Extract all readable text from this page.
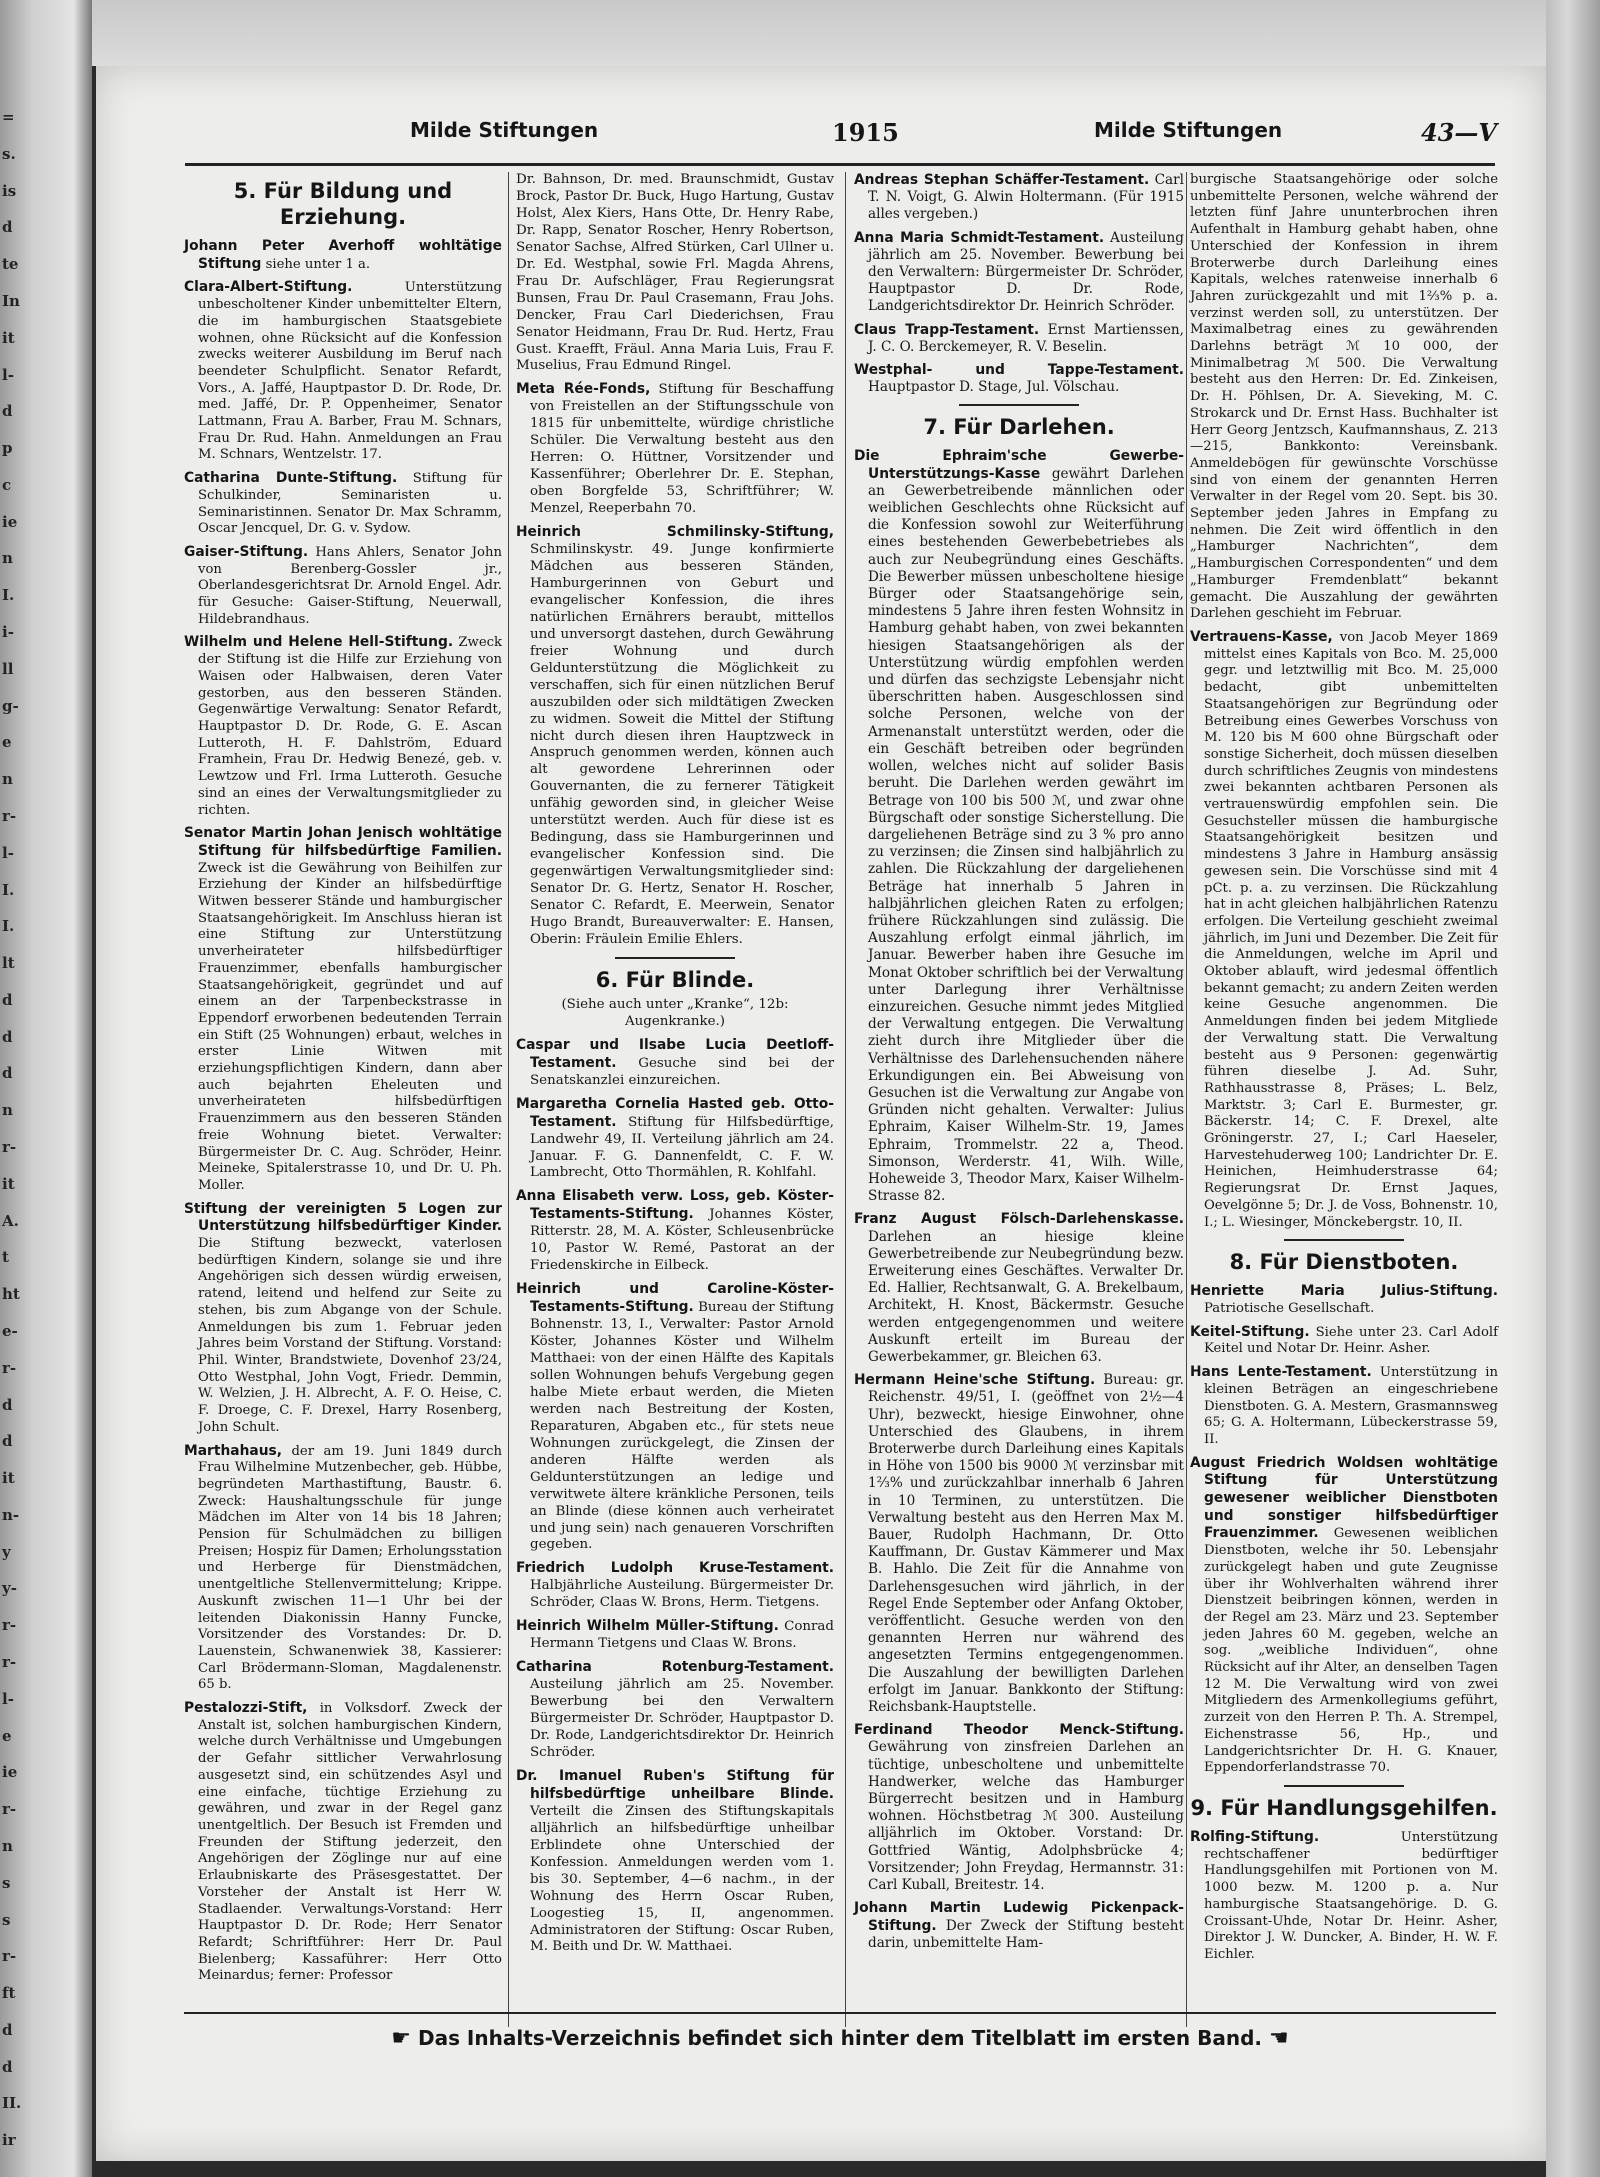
=
s.
is
d
te
In
it
l-
d
p
c
ie
n
I.
i-
ll
g-
e
n
r-
l-
I.
I.
lt
d
d
d
n
r-
it
A.
t
ht
e-
r-
d
d
it
n-
y
y-
r-
r-
l-
e
ie
r-
n
s
s
r-
ft
d
d
II.
ir
Milde Stiftungen	1915	Milde Stiftungen	43—V
5. Für Bildung und Erziehung.

Johann Peter Averhoff wohltätige Stiftung siehe unter 1 a.

Clara-Albert-Stiftung. Unterstützung unbescholtener Kinder unbemittelter Eltern, die im hamburgischen Staatsgebiete wohnen, ohne Rücksicht auf die Konfession zwecks weiterer Ausbildung im Beruf nach beendeter Schulpflicht. Senator Refardt, Vors., A. Jaffé, Hauptpastor D. Dr. Rode, Dr. med. Jaffé, Dr. P. Oppenheimer, Senator Lattmann, Frau A. Barber, Frau M. Schnars, Frau Dr. Rud. Hahn. Anmeldungen an Frau M. Schnars, Wentzelstr. 17.

Catharina Dunte-Stiftung. Stiftung für Schulkinder, Seminaristen u. Seminaristinnen. Senator Dr. Max Schramm, Oscar Jencquel, Dr. G. v. Sydow.

Gaiser-Stiftung. Hans Ahlers, Senator John von Berenberg-Gossler jr., Oberlandesgerichtsrat Dr. Arnold Engel. Adr. für Gesuche: Gaiser-Stiftung, Neuerwall, Hildebrandhaus.

Wilhelm und Helene Hell-Stiftung. Zweck der Stiftung ist die Hilfe zur Erziehung von Waisen oder Halbwaisen, deren Vater gestorben, aus den besseren Ständen. Gegenwärtige Verwaltung: Senator Refardt, Hauptpastor D. Dr. Rode, G. E. Ascan Lutteroth, H. F. Dahlström, Eduard Framhein, Frau Dr. Hedwig Benezé, geb. v. Lewtzow und Frl. Irma Lutteroth. Gesuche sind an eines der Verwaltungsmitglieder zu richten.

Senator Martin Johan Jenisch wohltätige Stiftung für hilfsbedürftige Familien. Zweck ist die Gewährung von Beihilfen zur Erziehung der Kinder an hilfsbedürftige Witwen besserer Stände und hamburgischer Staatsangehörigkeit. Im Anschluss hieran ist eine Stiftung zur Unterstützung unverheirateter hilfsbedürftiger Frauenzimmer, ebenfalls hamburgischer Staatsangehörigkeit, gegründet und auf einem an der Tarpenbeckstrasse in Eppendorf erworbenen bedeutenden Terrain ein Stift (25 Wohnungen) erbaut, welches in erster Linie Witwen mit erziehungspflichtigen Kindern, dann aber auch bejahrten Eheleuten und unverheirateten hilfsbedürftigen Frauenzimmern aus den besseren Ständen freie Wohnung bietet. Verwalter: Bürgermeister Dr. C. Aug. Schröder, Heinr. Meineke, Spitalerstrasse 10, und Dr. U. Ph. Moller.

Stiftung der vereinigten 5 Logen zur Unterstützung hilfsbedürftiger Kinder. Die Stiftung bezweckt, vaterlosen bedürftigen Kindern, solange sie und ihre Angehörigen sich dessen würdig erweisen, ratend, leitend und helfend zur Seite zu stehen, bis zum Abgange von der Schule. Anmeldungen bis zum 1. Februar jeden Jahres beim Vorstand der Stiftung. Vorstand: Phil. Winter, Brandstwiete, Dovenhof 23/24, Otto Westphal, John Vogt, Friedr. Demmin, W. Welzien, J. H. Albrecht, A. F. O. Heise, C. F. Droege, C. F. Drexel, Harry Rosenberg, John Schult.

Marthahaus, der am 19. Juni 1849 durch Frau Wilhelmine Mutzenbecher, geb. Hübbe, begründeten Marthastiftung, Baustr. 6. Zweck: Haushaltungsschule für junge Mädchen im Alter von 14 bis 18 Jahren; Pension für Schulmädchen zu billigen Preisen; Hospiz für Damen; Erholungsstation und Herberge für Dienstmädchen, unentgeltliche Stellenvermittelung; Krippe. Auskunft zwischen 11—1 Uhr bei der leitenden Diakonissin Hanny Funcke, Vorsitzender des Vorstandes: Dr. D. Lauenstein, Schwanenwiek 38, Kassierer: Carl Brödermann-Sloman, Magdalenenstr. 65 b.

Pestalozzi-Stift, in Volksdorf. Zweck der Anstalt ist, solchen hamburgischen Kindern, welche durch Verhältnisse und Umgebungen der Gefahr sittlicher Verwahrlosung ausgesetzt sind, ein schützendes Asyl und eine einfache, tüchtige Erziehung zu gewähren, und zwar in der Regel ganz unentgeltlich. Der Besuch ist Fremden und Freunden der Stiftung jederzeit, den Angehörigen der Zöglinge nur auf eine Erlaubniskarte des Präsesgestattet. Der Vorsteher der Anstalt ist Herr W. Stadlaender. Verwaltungs-Vorstand: Herr Hauptpastor D. Dr. Rode; Herr Senator Refardt; Schriftführer: Herr Dr. Paul Bielenberg; Kassaführer: Herr Otto Meinardus; ferner: Professor

Dr. Bahnson, Dr. med. Braunschmidt, Gustav Brock, Pastor Dr. Buck, Hugo Hartung, Gustav Holst, Alex Kiers, Hans Otte, Dr. Henry Rabe, Dr. Rapp, Senator Roscher, Henry Robertson, Senator Sachse, Alfred Stürken, Carl Ullner u. Dr. Ed. Westphal, sowie Frl. Magda Ahrens, Frau Dr. Aufschläger, Frau Regierungsrat Bunsen, Frau Dr. Paul Crasemann, Frau Johs. Dencker, Frau Carl Diederichsen, Frau Senator Heidmann, Frau Dr. Rud. Hertz, Frau Gust. Kraefft, Fräul. Anna Maria Luis, Frau F. Muselius, Frau Edmund Ringel.

Meta Rée-Fonds, Stiftung für Beschaffung von Freistellen an der Stiftungsschule von 1815 für unbemittelte, würdige christliche Schüler. Die Verwaltung besteht aus den Herren: O. Hüttner, Vorsitzender und Kassenführer; Oberlehrer Dr. E. Stephan, oben Borgfelde 53, Schriftführer; W. Menzel, Reeperbahn 70.

Heinrich Schmilinsky-Stiftung, Schmilinskystr. 49. Junge konfirmierte Mädchen aus besseren Ständen, Hamburgerinnen von Geburt und evangelischer Konfession, die ihres natürlichen Ernährers beraubt, mittellos und unversorgt dastehen, durch Gewährung freier Wohnung und durch Geldunterstützung die Möglichkeit zu verschaffen, sich für einen nützlichen Beruf auszubilden oder sich mildtätigen Zwecken zu widmen. Soweit die Mittel der Stiftung nicht durch diesen ihren Hauptzweck in Anspruch genommen werden, können auch alt gewordene Lehrerinnen oder Gouvernanten, die zu fernerer Tätigkeit unfähig geworden sind, in gleicher Weise unterstützt werden. Auch für diese ist es Bedingung, dass sie Hamburgerinnen und evangelischer Konfession sind. Die gegenwärtigen Verwaltungsmitglieder sind: Senator Dr. G. Hertz, Senator H. Roscher, Senator C. Refardt, E. Meerwein, Senator Hugo Brandt, Bureauverwalter: E. Hansen, Oberin: Fräulein Emilie Ehlers.

6. Für Blinde.

(Siehe auch unter „Kranke“, 12b: Augenkranke.)

Caspar und Ilsabe Lucia Deetloff-Testament. Gesuche sind bei der Senatskanzlei einzureichen.

Margaretha Cornelia Hasted geb. Otto-Testament. Stiftung für Hilfsbedürftige, Landwehr 49, II. Verteilung jährlich am 24. Januar. F. G. Dannenfeldt, C. F. W. Lambrecht, Otto Thormählen, R. Kohlfahl.

Anna Elisabeth verw. Loss, geb. Köster-Testaments-Stiftung. Johannes Köster, Ritterstr. 28, M. A. Köster, Schleusenbrücke 10, Pastor W. Remé, Pastorat an der Friedenskirche in Eilbeck.

Heinrich und Caroline-Köster-Testaments-Stiftung. Bureau der Stiftung Bohnenstr. 13, I., Verwalter: Pastor Arnold Köster, Johannes Köster und Wilhelm Matthaei: von der einen Hälfte des Kapitals sollen Wohnungen behufs Vergebung gegen halbe Miete erbaut werden, die Mieten werden nach Bestreitung der Kosten, Reparaturen, Abgaben etc., für stets neue Wohnungen zurückgelegt, die Zinsen der anderen Hälfte werden als Geldunterstützungen an ledige und verwitwete ältere kränkliche Personen, teils an Blinde (diese können auch verheiratet und jung sein) nach genaueren Vorschriften gegeben.

Friedrich Ludolph Kruse-Testament. Halbjährliche Austeilung. Bürgermeister Dr. Schröder, Claas W. Brons, Herm. Tietgens.

Heinrich Wilhelm Müller-Stiftung. Conrad Hermann Tietgens und Claas W. Brons.

Catharina Rotenburg-Testament. Austeilung jährlich am 25. November. Bewerbung bei den Verwaltern Bürgermeister Dr. Schröder, Hauptpastor D. Dr. Rode, Landgerichtsdirektor Dr. Heinrich Schröder.

Dr. Imanuel Ruben's Stiftung für hilfsbedürftige unheilbare Blinde. Verteilt die Zinsen des Stiftungskapitals alljährlich an hilfsbedürftige unheilbar Erblindete ohne Unterschied der Konfession. Anmeldungen werden vom 1. bis 30. September, 4—6 nachm., in der Wohnung des Herrn Oscar Ruben, Loogestieg 15, II, angenommen. Administratoren der Stiftung: Oscar Ruben, M. Beith und Dr. W. Matthaei.

Andreas Stephan Schäffer-Testament. Carl T. N. Voigt, G. Alwin Holtermann. (Für 1915 alles vergeben.)

Anna Maria Schmidt-Testament. Austeilung jährlich am 25. November. Bewerbung bei den Verwaltern: Bürgermeister Dr. Schröder, Hauptpastor D. Dr. Rode, Landgerichtsdirektor Dr. Heinrich Schröder.

Claus Trapp-Testament. Ernst Martienssen, J. C. O. Berckemeyer, R. V. Beselin.

Westphal- und Tappe-Testament. Hauptpastor D. Stage, Jul. Völschau.

7. Für Darlehen.

Die Ephraim'sche Gewerbe-Unterstützungs-Kasse gewährt Darlehen an Gewerbetreibende männlichen oder weiblichen Geschlechts ohne Rücksicht auf die Konfession sowohl zur Weiterführung eines bestehenden Gewerbebetriebes als auch zur Neubegründung eines Geschäfts. Die Bewerber müssen unbescholtene hiesige Bürger oder Staatsangehörige sein, mindestens 5 Jahre ihren festen Wohnsitz in Hamburg gehabt haben, von zwei bekannten hiesigen Staatsangehörigen als der Unterstützung würdig empfohlen werden und dürfen das sechzigste Lebensjahr nicht überschritten haben. Ausgeschlossen sind solche Personen, welche von der Armenanstalt unterstützt werden, oder die ein Geschäft betreiben oder begründen wollen, welches nicht auf solider Basis beruht. Die Darlehen werden gewährt im Betrage von 100 bis 500 ℳ, und zwar ohne Bürgschaft oder sonstige Sicherstellung. Die dargeliehenen Beträge sind zu 3 % pro anno zu verzinsen; die Zinsen sind halbjährlich zu zahlen. Die Rückzahlung der dargeliehenen Beträge hat innerhalb 5 Jahren in halbjährlichen gleichen Raten zu erfolgen; frühere Rückzahlungen sind zulässig. Die Auszahlung erfolgt einmal jährlich, im Januar. Bewerber haben ihre Gesuche im Monat Oktober schriftlich bei der Verwaltung unter Darlegung ihrer Verhältnisse einzureichen. Gesuche nimmt jedes Mitglied der Verwaltung entgegen. Die Verwaltung zieht durch ihre Mitglieder über die Verhältnisse des Darlehensuchenden nähere Erkundigungen ein. Bei Abweisung von Gesuchen ist die Verwaltung zur Angabe von Gründen nicht gehalten. Verwalter: Julius Ephraim, Kaiser Wilhelm-Str. 19, James Ephraim, Trommelstr. 22 a, Theod. Simonson, Werderstr. 41, Wilh. Wille, Hoheweide 3, Theodor Marx, Kaiser Wilhelm-Strasse 82.

Franz August Fölsch-Darlehenskasse. Darlehen an hiesige kleine Gewerbetreibende zur Neubegründung bezw. Erweiterung eines Geschäftes. Verwalter Dr. Ed. Hallier, Rechtsanwalt, G. A. Brekelbaum, Architekt, H. Knost, Bäckermstr. Gesuche werden entgegengenommen und weitere Auskunft erteilt im Bureau der Gewerbekammer, gr. Bleichen 63.

Hermann Heine'sche Stiftung. Bureau: gr. Reichenstr. 49/51, I. (geöffnet von 2½—4 Uhr), bezweckt, hiesige Einwohner, ohne Unterschied des Glaubens, in ihrem Broterwerbe durch Darleihung eines Kapitals in Höhe von 1500 bis 9000 ℳ verzinsbar mit 1⅔% und zurückzahlbar innerhalb 6 Jahren in 10 Terminen, zu unterstützen. Die Verwaltung besteht aus den Herren Max M. Bauer, Rudolph Hachmann, Dr. Otto Kauffmann, Dr. Gustav Kämmerer und Max B. Hahlo. Die Zeit für die Annahme von Darlehensgesuchen wird jährlich, in der Regel Ende September oder Anfang Oktober, veröffentlicht. Gesuche werden von den genannten Herren nur während des angesetzten Termins entgegengenommen. Die Auszahlung der bewilligten Darlehen erfolgt im Januar. Bankkonto der Stiftung: Reichsbank-Hauptstelle.

Ferdinand Theodor Menck-Stiftung. Gewährung von zinsfreien Darlehen an tüchtige, unbescholtene und unbemittelte Handwerker, welche das Hamburger Bürgerrecht besitzen und in Hamburg wohnen. Höchstbetrag ℳ 300. Austeilung alljährlich im Oktober. Vorstand: Dr. Gottfried Wäntig, Adolphsbrücke 4; Vorsitzender; John Freydag, Hermannstr. 31: Carl Kuball, Breitestr. 14.

Johann Martin Ludewig Pickenpack-Stiftung. Der Zweck der Stiftung besteht darin, unbemittelte Ham-

burgische Staatsangehörige oder solche unbemittelte Personen, welche während der letzten fünf Jahre ununterbrochen ihren Aufenthalt in Hamburg gehabt haben, ohne Unterschied der Konfession in ihrem Broterwerbe durch Darleihung eines Kapitals, welches ratenweise innerhalb 6 Jahren zurückgezahlt und mit 1⅔% p. a. verzinst werden soll, zu unterstützen. Der Maximalbetrag eines zu gewährenden Darlehns beträgt ℳ 10 000, der Minimalbetrag ℳ 500. Die Verwaltung besteht aus den Herren: Dr. Ed. Zinkeisen, Dr. H. Pöhlsen, Dr. A. Sieveking, M. C. Strokarck und Dr. Ernst Hass. Buchhalter ist Herr Georg Jentzsch, Kaufmannshaus, Z. 213—215, Bankkonto: Vereinsbank. Anmeldebögen für gewünschte Vorschüsse sind von einem der genannten Herren Verwalter in der Regel vom 20. Sept. bis 30. September jeden Jahres in Empfang zu nehmen. Die Zeit wird öffentlich in den „Hamburger Nachrichten“, dem „Hamburgischen Correspondenten“ und dem „Hamburger Fremdenblatt“ bekannt gemacht. Die Auszahlung der gewährten Darlehen geschieht im Februar.

Vertrauens-Kasse, von Jacob Meyer 1869 mittelst eines Kapitals von Bco. M. 25,000 gegr. und letztwillig mit Bco. M. 25,000 bedacht, gibt unbemittelten Staatsangehörigen zur Begründung oder Betreibung eines Gewerbes Vorschuss von M. 120 bis M 600 ohne Bürgschaft oder sonstige Sicherheit, doch müssen dieselben durch schriftliches Zeugnis von mindestens zwei bekannten achtbaren Personen als vertrauenswürdig empfohlen sein. Die Gesuchsteller müssen die hamburgische Staatsangehörigkeit besitzen und mindestens 3 Jahre in Hamburg ansässig gewesen sein. Die Vorschüsse sind mit 4 pCt. p. a. zu verzinsen. Die Rückzahlung hat in acht gleichen halbjährlichen Ratenzu erfolgen. Die Verteilung geschieht zweimal jährlich, im Juni und Dezember. Die Zeit für die Anmeldungen, welche im April und Oktober ablauft, wird jedesmal öffentlich bekannt gemacht; zu andern Zeiten werden keine Gesuche angenommen. Die Anmeldungen finden bei jedem Mitgliede der Verwaltung statt. Die Verwaltung besteht aus 9 Personen: gegenwärtig führen dieselbe J. Ad. Suhr, Rathhausstrasse 8, Präses; L. Belz, Marktstr. 3; Carl E. Burmester, gr. Bäckerstr. 14; C. F. Drexel, alte Gröningerstr. 27, I.; Carl Haeseler, Harvestehuderweg 100; Landrichter Dr. E. Heinichen, Heimhuderstrasse 64; Regierungsrat Dr. Ernst Jaques, Oevelgönne 5; Dr. J. de Voss, Bohnenstr. 10, I.; L. Wiesinger, Mönckebergstr. 10, II.

8. Für Dienstboten.

Henriette Maria Julius-Stiftung. Patriotische Gesellschaft.

Keitel-Stiftung. Siehe unter 23. Carl Adolf Keitel und Notar Dr. Heinr. Asher.

Hans Lente-Testament. Unterstützung in kleinen Beträgen an eingeschriebene Dienstboten. G. A. Mestern, Grasmannsweg 65; G. A. Holtermann, Lübeckerstrasse 59, II.

August Friedrich Woldsen wohltätige Stiftung für Unterstützung gewesener weiblicher Dienstboten und sonstiger hilfsbedürftiger Frauenzimmer. Gewesenen weiblichen Dienstboten, welche ihr 50. Lebensjahr zurückgelegt haben und gute Zeugnisse über ihr Wohlverhalten während ihrer Dienstzeit beibringen können, werden in der Regel am 23. März und 23. September jeden Jahres 60 M. gegeben, welche an sog. „weibliche Individuen“, ohne Rücksicht auf ihr Alter, an denselben Tagen 12 M. Die Verwaltung wird von zwei Mitgliedern des Armenkollegiums geführt, zurzeit von den Herren P. Th. A. Strempel, Eichenstrasse 56, Hp., und Landgerichtsrichter Dr. H. G. Knauer, Eppendorferlandstrasse 70.

9. Für Handlungsgehilfen.

Rolfing-Stiftung. Unterstützung rechtschaffener bedürftiger Handlungsgehilfen mit Portionen von M. 1000 bezw. M. 1200 p. a. Nur hamburgische Staatsangehörige. D. G. Croissant-Uhde, Notar Dr. Heinr. Asher, Direktor J. W. Duncker, A. Binder, H. W. F. Eichler.

☛ Das Inhalts-Verzeichnis befindet sich hinter dem Titelblatt im ersten Band. ☚
